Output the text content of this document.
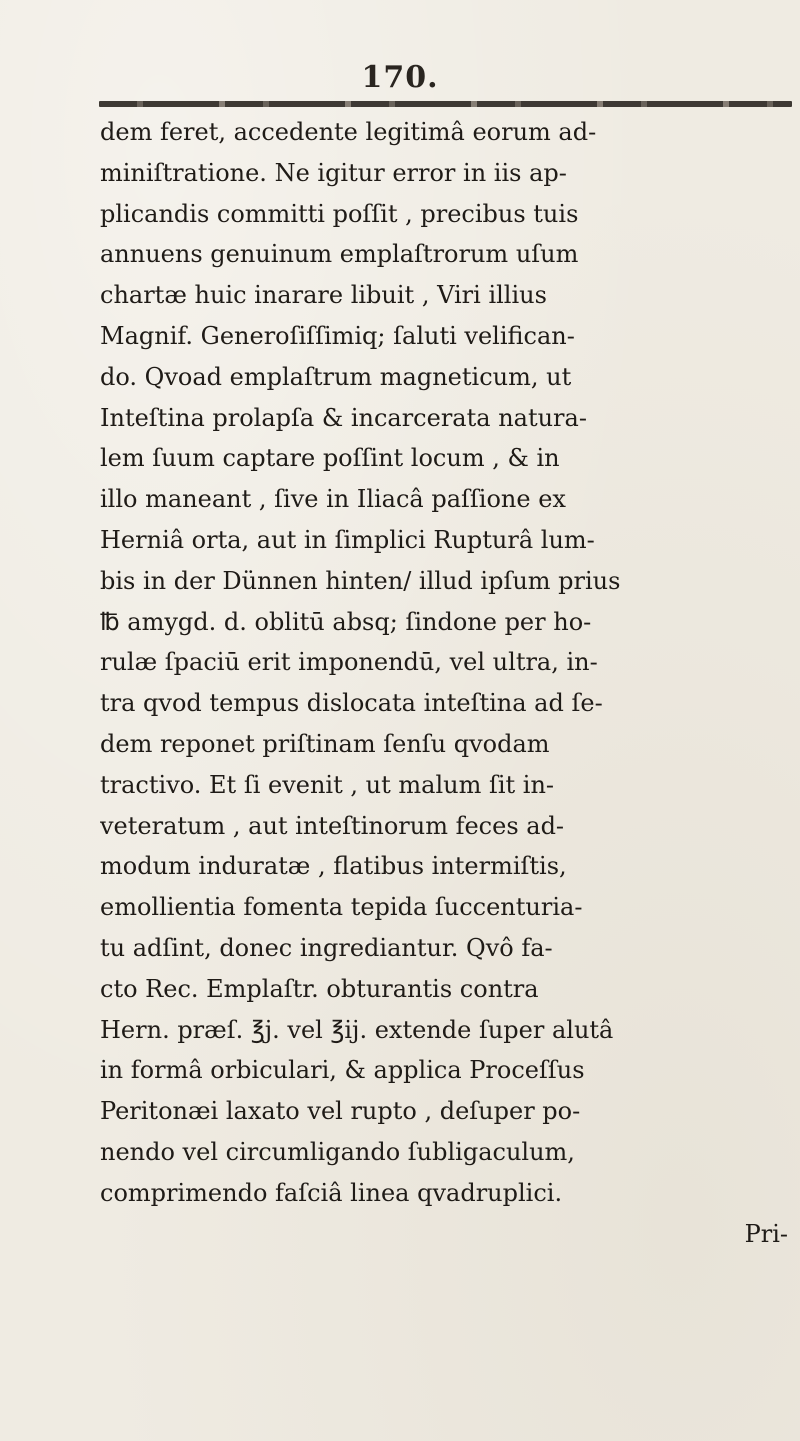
170.
dem feret, accedente legitimâ eorum ad-
miniſtratione. Ne igitur error in iis ap-
plicandis committi poſſit , precibus tuis
annuens genuinum emplaſtrorum uſum
chartæ huic inarare libuit , Viri illius
Magnif. Generoſiſſimiq; ſaluti velifican-
do. Qvoad emplaſtrum magneticum, ut
Inteſtina prolapſa & incarcerata natura-
lem ſuum captare poſſint locum , & in
illo maneant , ſive in Iliacâ paſſione ex
Herniâ orta, aut in ſimplici Rupturâ lum-
bis in der Dünnen hinten/ illud ipſum prius
℔ amygd. d. oblitū absq; ſindone per ho-
rulæ ſpaciū erit imponendū, vel ultra, in-
tra qvod tempus dislocata inteſtina ad ſe-
dem reponet priſtinam ſenſu qvodam
tractivo. Et ſi evenit , ut malum ſit in-
veteratum , aut inteſtinorum feces ad-
modum induratæ , flatibus intermiſtis,
emollientia fomenta tepida ſuccenturia-
tu adſint, donec ingrediantur. Qvô fa-
cto Rec. Emplaſtr. obturantis contra
Hern. præſ. ℥j. vel ℥ij. extende ſuper alutâ
in formâ orbiculari, & applica Proceſſus
Peritonæi laxato vel rupto , deſuper po-
nendo vel circumligando ſubligaculum,
comprimendo faſciâ linea qvadruplici.
Pri-
